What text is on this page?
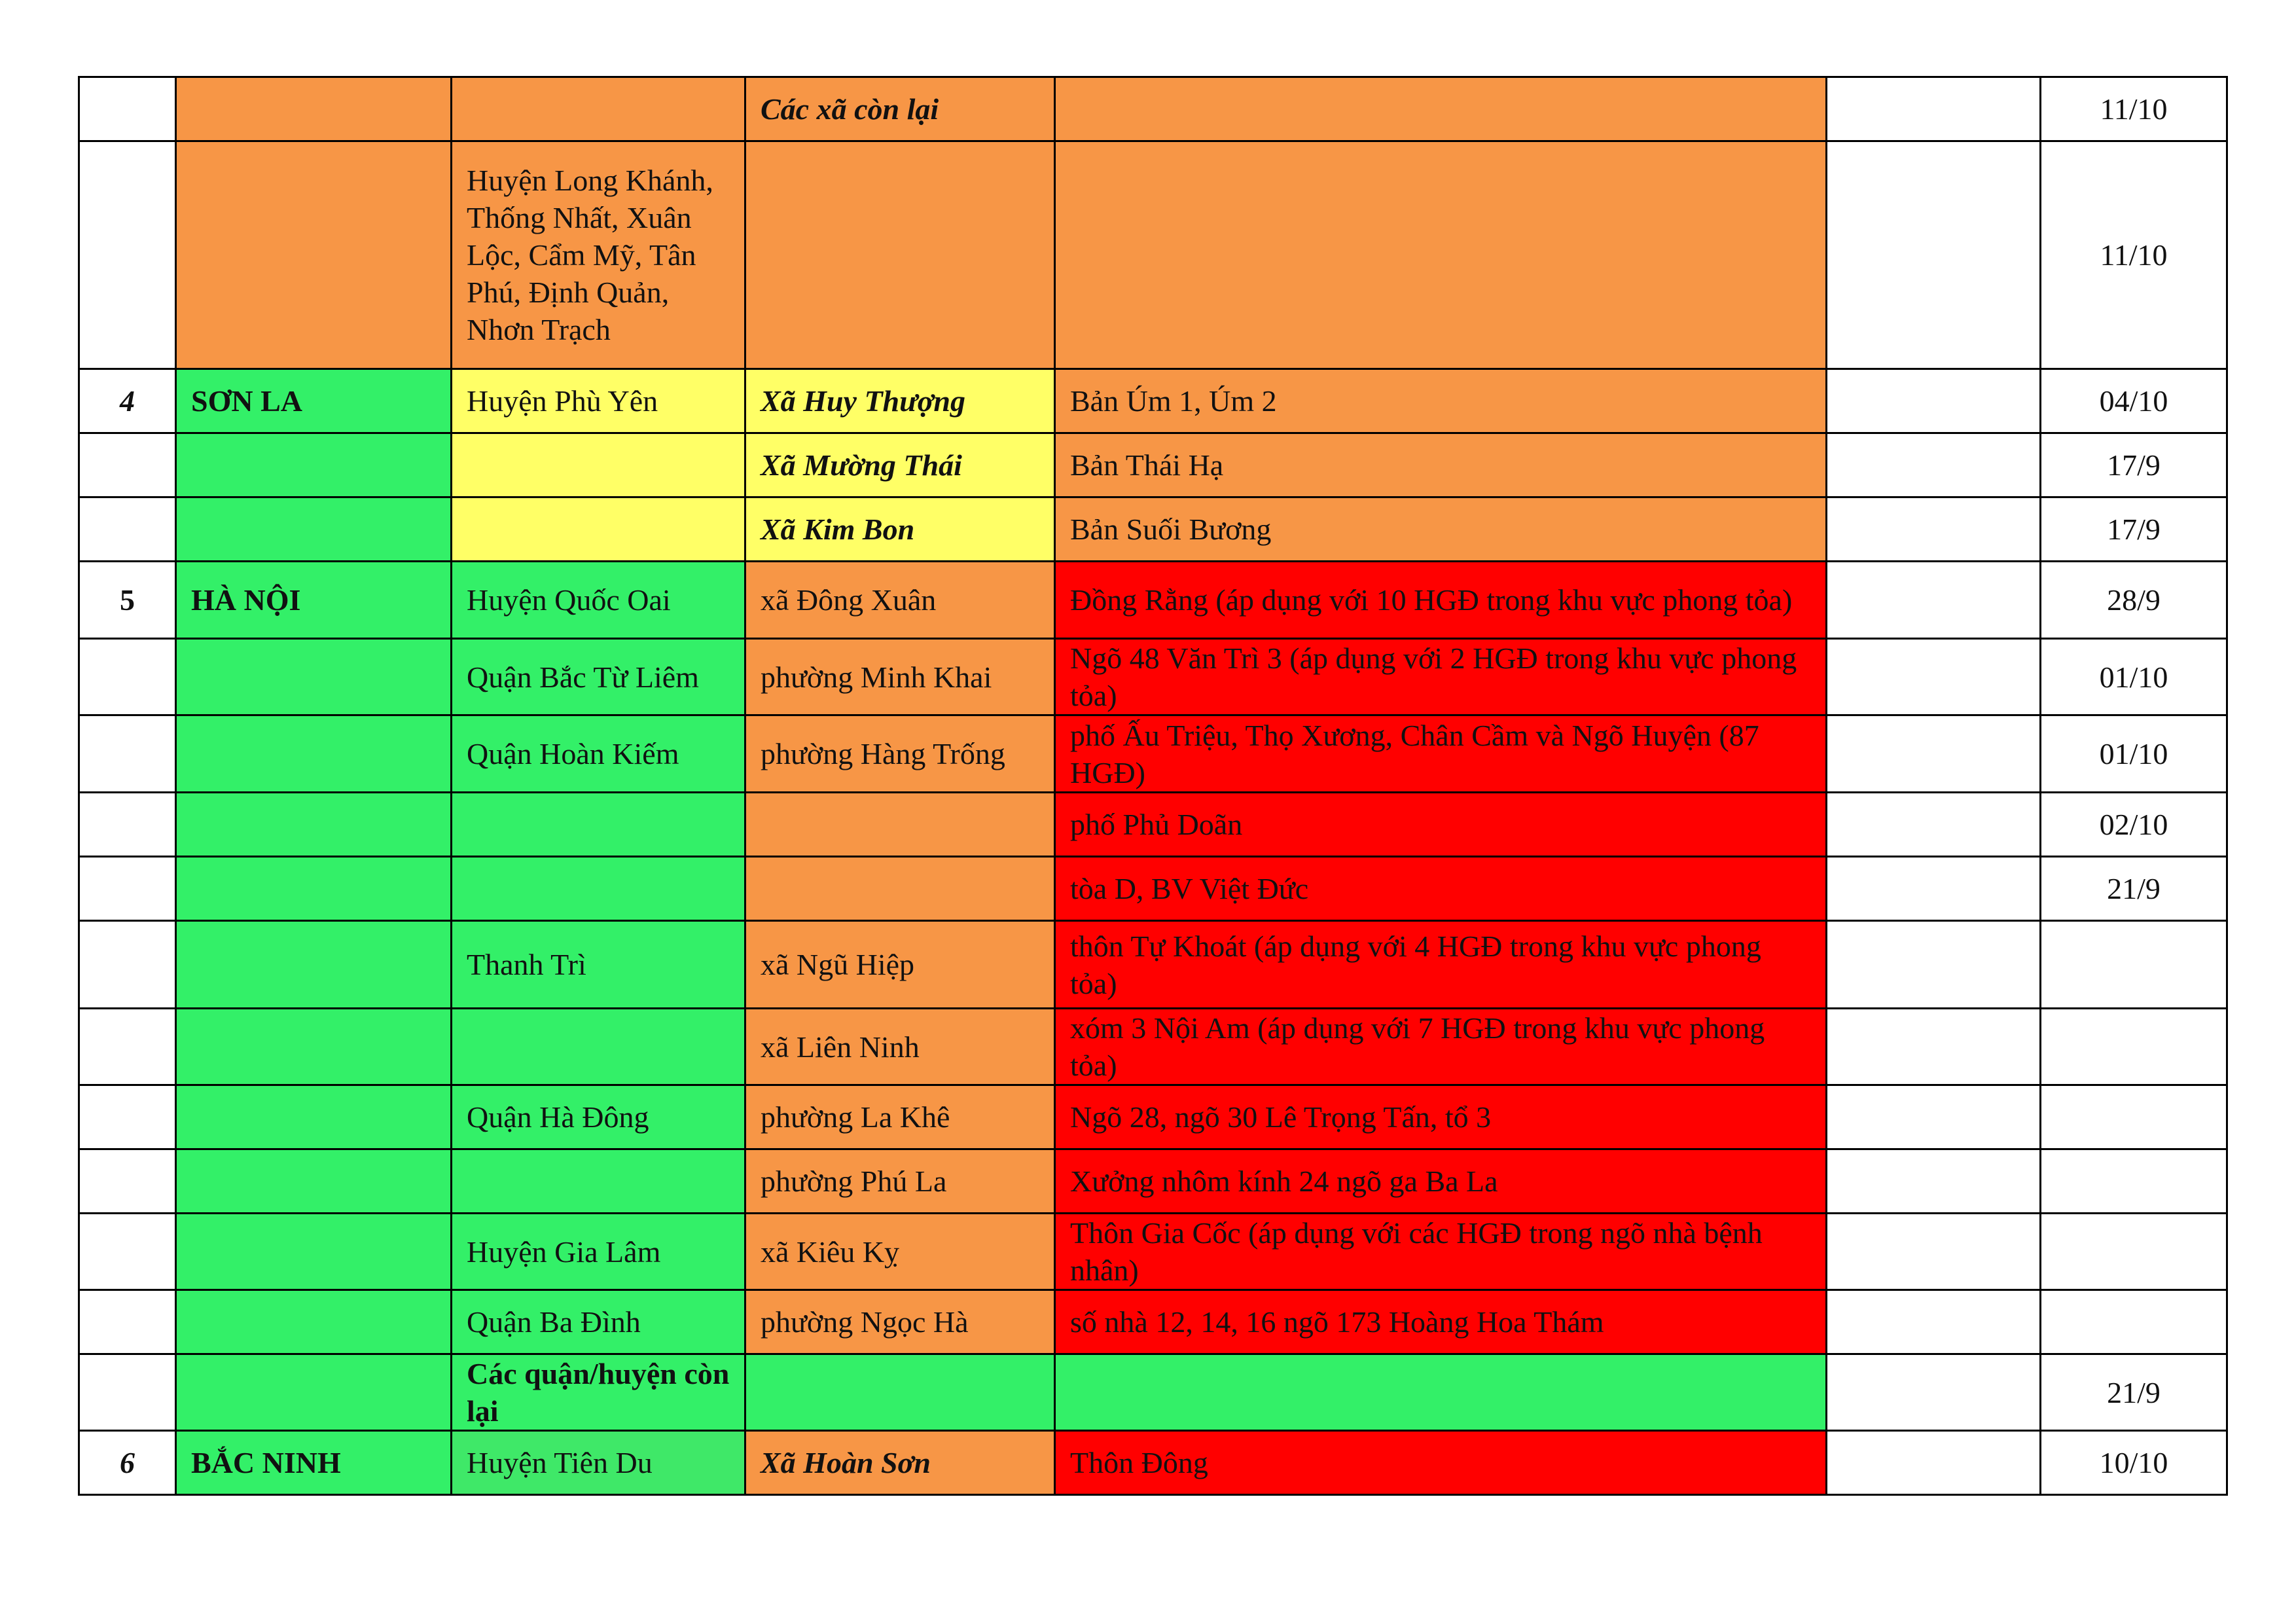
			Các xã còn lại			11/10
		Huyện Long Khánh, Thống Nhất, Xuân Lộc, Cẩm Mỹ, Tân Phú, Định Quản, Nhơn Trạch				11/10
4	SƠN LA	Huyện Phù Yên	Xã Huy Thượng	Bản Úm 1, Úm 2		04/10
			Xã Mường Thái	Bản Thái Hạ		17/9
			Xã Kim Bon	Bản Suối Bương		17/9
5	HÀ NỘI	Huyện Quốc Oai	xã Đông Xuân	Đồng Rằng (áp dụng với 10 HGĐ trong khu vực phong tỏa)		28/9
		Quận Bắc Từ Liêm	phường Minh Khai	Ngõ 48 Văn Trì 3 (áp dụng với 2 HGĐ trong khu vực phong tỏa)		01/10
		Quận Hoàn Kiếm	phường Hàng Trống	phố Ấu Triệu, Thọ Xương, Chân Cầm và Ngõ Huyện (87 HGĐ)		01/10
				phố Phủ Doãn		02/10
				tòa D, BV Việt Đức		21/9
		Thanh Trì	xã Ngũ Hiệp	thôn Tự Khoát (áp dụng với 4 HGĐ trong khu vực phong tỏa)		
			xã Liên Ninh	xóm 3 Nội Am (áp dụng với 7 HGĐ trong khu vực phong tỏa)		
		Quận Hà Đông	phường La Khê	Ngõ 28, ngõ 30 Lê Trọng Tấn, tổ 3		
			phường Phú La	Xưởng nhôm kính 24 ngõ ga Ba La		
		Huyện Gia Lâm	xã Kiêu Kỵ	Thôn Gia Cốc (áp dụng với các HGĐ trong ngõ nhà bệnh nhân)		
		Quận Ba Đình	phường Ngọc Hà	số nhà 12, 14, 16 ngõ 173 Hoàng Hoa Thám		
		Các quận/huyện còn lại				21/9
6	BẮC NINH	Huyện Tiên Du	Xã Hoàn Sơn	Thôn Đông		10/10
